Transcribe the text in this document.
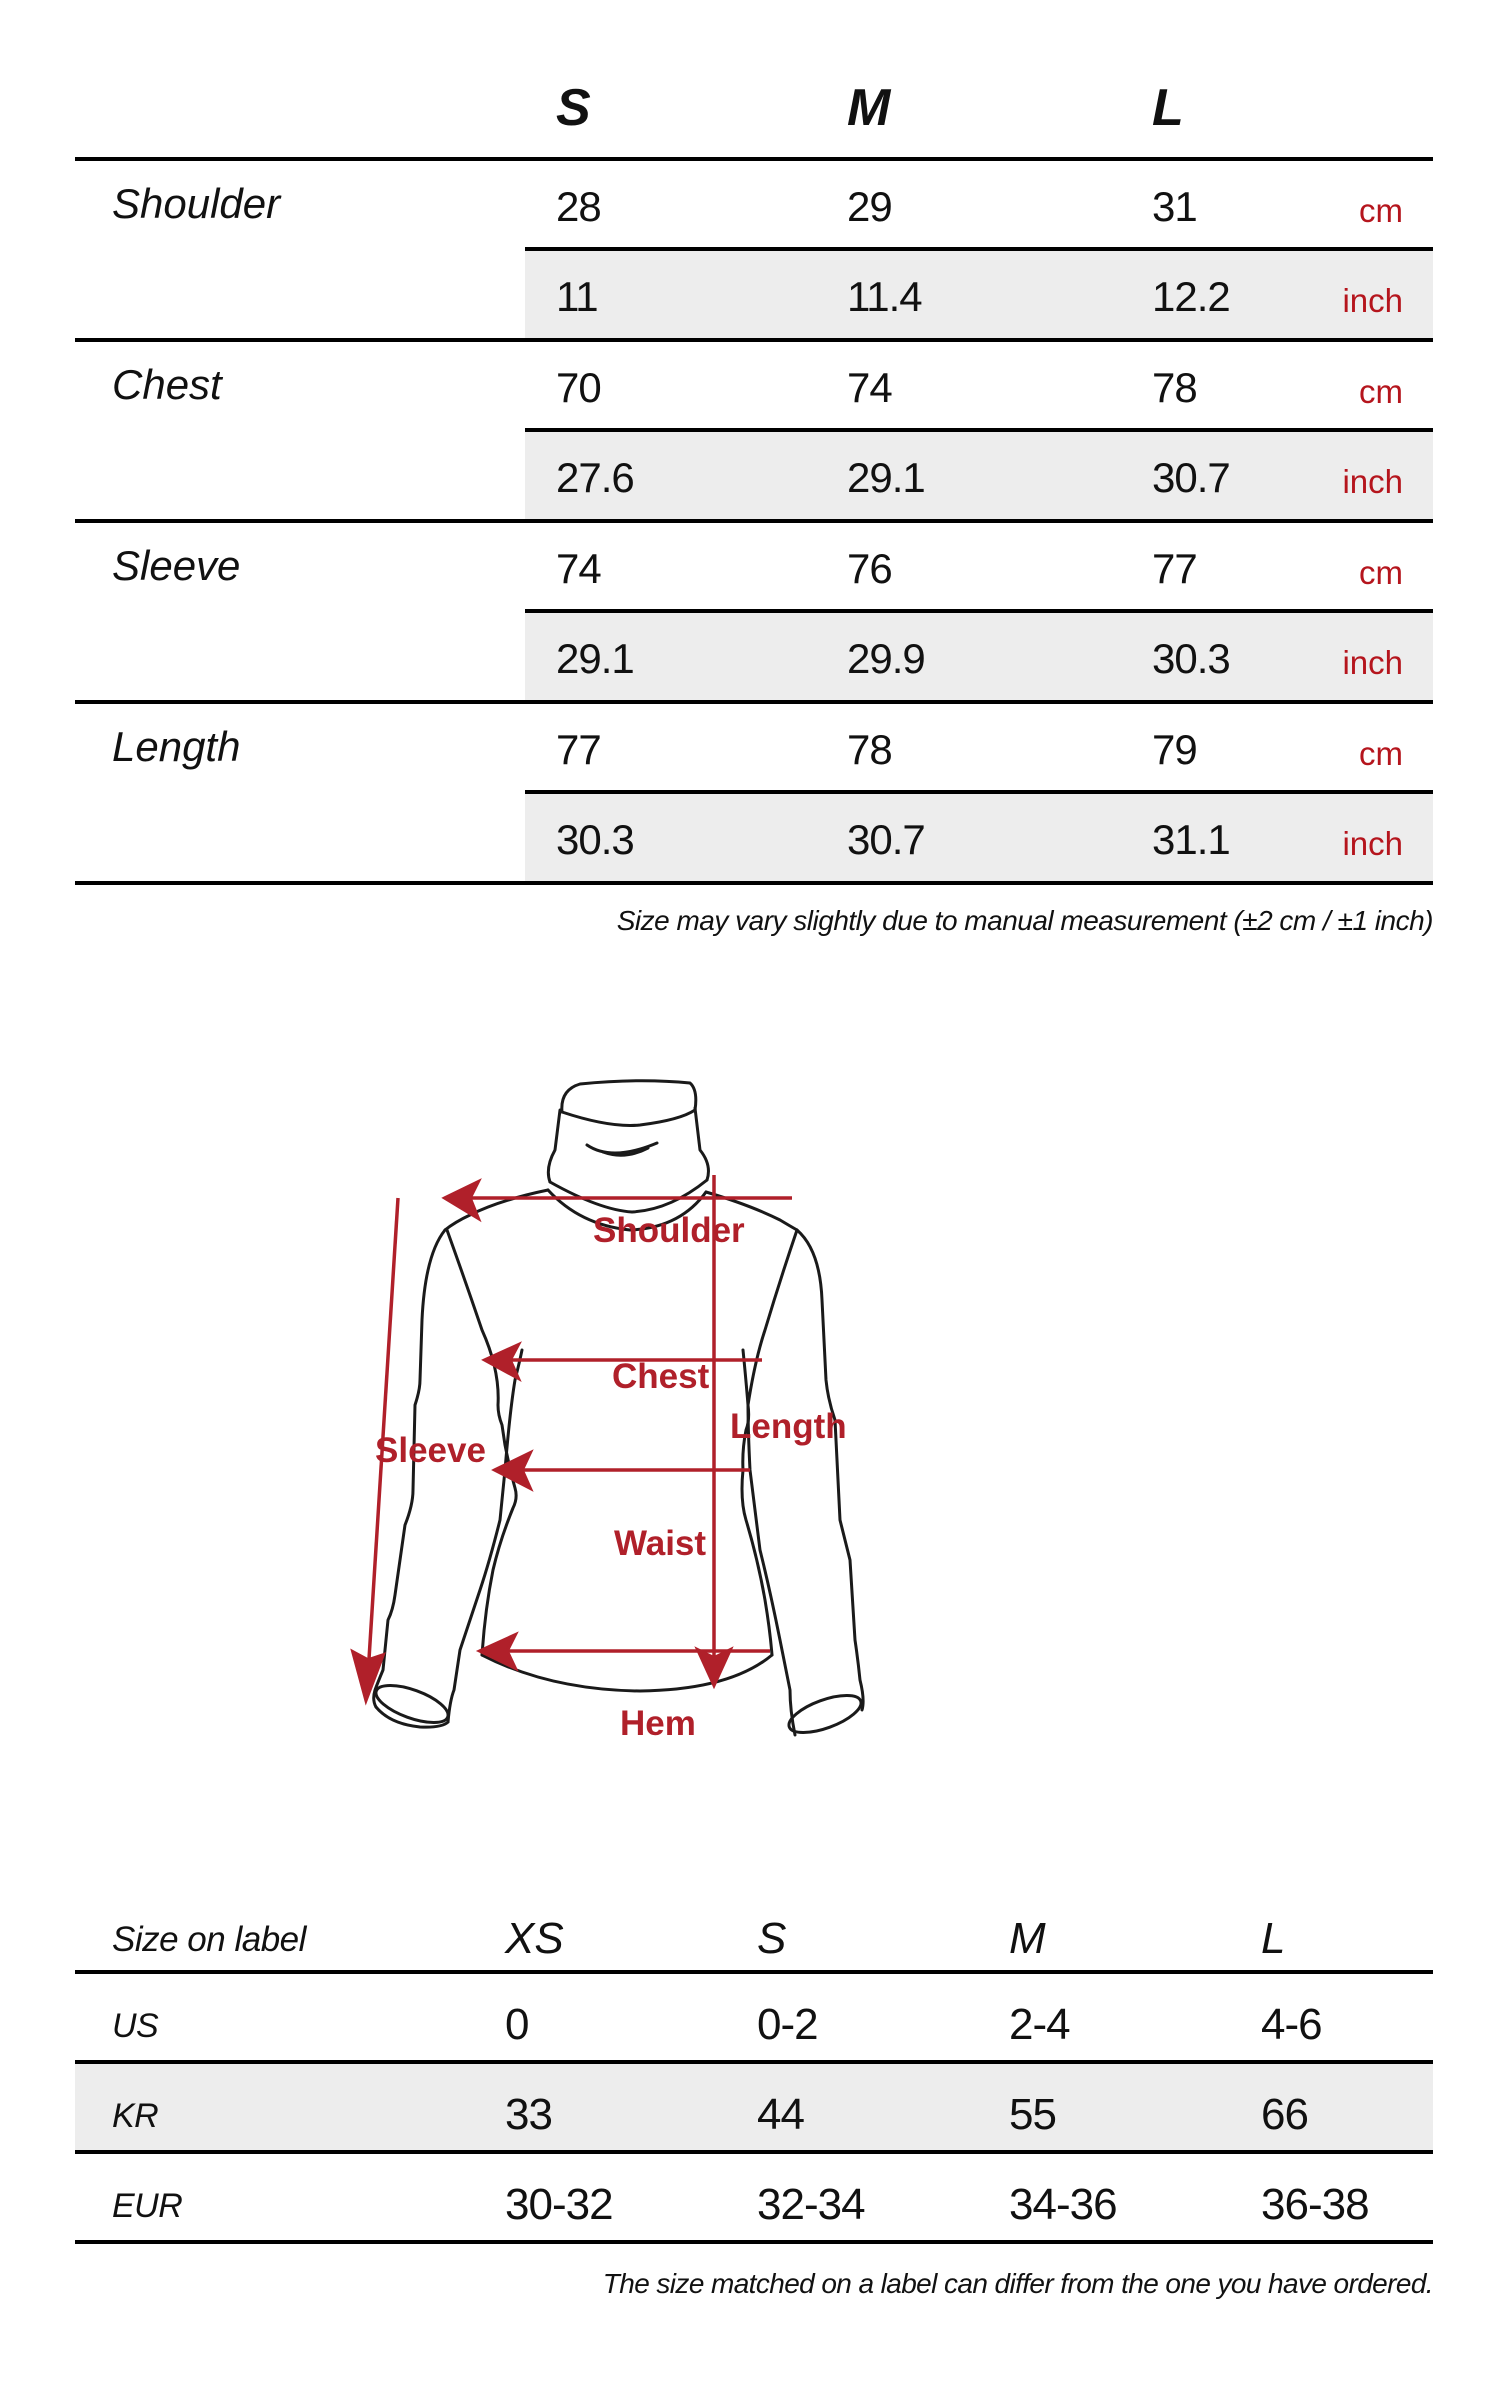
S	M	L
Shoulder	28	29	31	cm
11	11.4	12.2	inch
Chest	70	74	78	cm
27.6	29.1	30.7	inch
Sleeve	74	76	77	cm
29.1	29.9	30.3	inch
Length	77	78	79	cm
30.3	30.7	31.1	inch
Size may vary slightly due to manual measurement (±2 cm / ±1 inch)
Shoulder
Chest
Length
Sleeve
Waist
Hem
Size on label	XS	S	M	L
US	0	0-2	2-4	4-6
KR	33	44	55	66
EUR	30-32	32-34	34-36	36-38
The size matched on a label can differ from the one you have ordered.
